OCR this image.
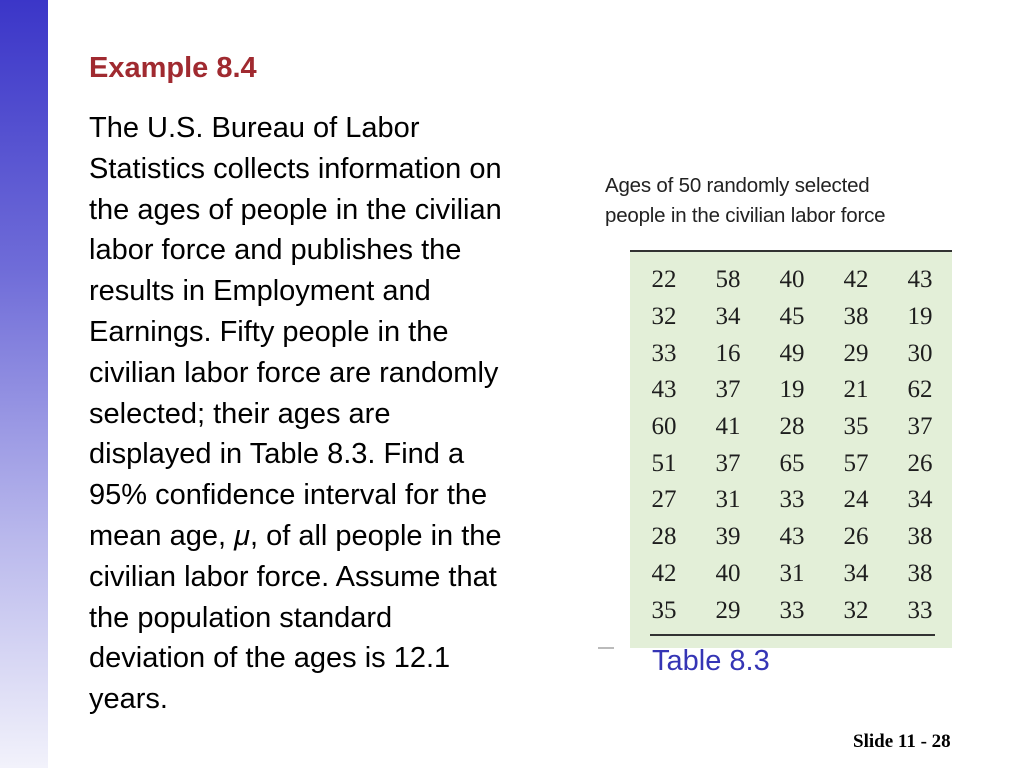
Example 8.4
The U.S. Bureau of Labor
Statistics collects information on
the ages of people in the civilian
labor force and publishes the
results in Employment and
Earnings. Fifty people in the
civilian labor force are randomly
selected; their ages are
displayed in Table 8.3. Find a
95% confidence interval for the
mean age, μ, of all people in the
civilian labor force. Assume that
the population standard
deviation of the ages is 12.1
years.
Ages of 50 randomly selected
people in the civilian labor force
22	58	40	42	43
32	34	45	38	19
33	16	49	29	30
43	37	19	21	62
60	41	28	35	37
51	37	65	57	26
27	31	33	24	34
28	39	43	26	38
42	40	31	34	38
35	29	33	32	33
Table 8.3
Slide 11 - 28
